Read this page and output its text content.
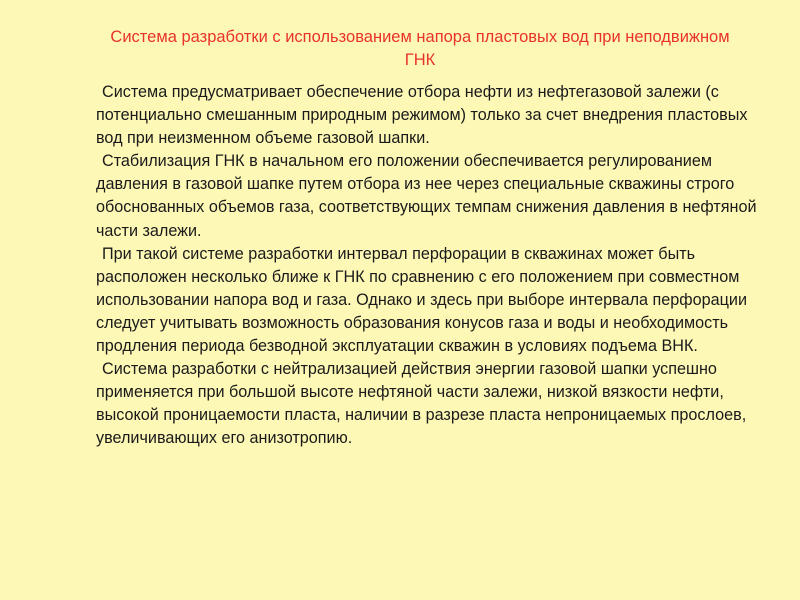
Система разработки с использованием напора пластовых вод при неподвижном ГНК

Система предусматривает обеспечение отбора нефти из нефтегазовой залежи (с потенциально смешанным природным режимом) только за счет внедрения пластовых вод при неизменном объеме газовой шапки.

Стабилизация ГНК в начальном его положении обеспечивается регулированием давления в газовой шапке путем отбора из нее через специальные скважины строго обоснованных объемов газа, соответствующих темпам снижения давления в нефтяной части залежи.

При такой системе разработки интервал перфорации в скважинах может быть расположен несколько ближе к ГНК по сравнению с его положением при совместном использовании напора вод и газа. Однако и здесь при выборе интервала перфорации следует учитывать возможность образования конусов газа и воды и необходимость продления периода безводной эксплуатации скважин в условиях подъема ВНК.

Система разработки с нейтрализацией действия энергии газовой шапки успешно применяется при большой высоте нефтяной части залежи, низкой вязкости нефти, высокой проницаемости пласта, наличии в разрезе пласта непроницаемых прослоев, увеличивающих его анизотропию.
